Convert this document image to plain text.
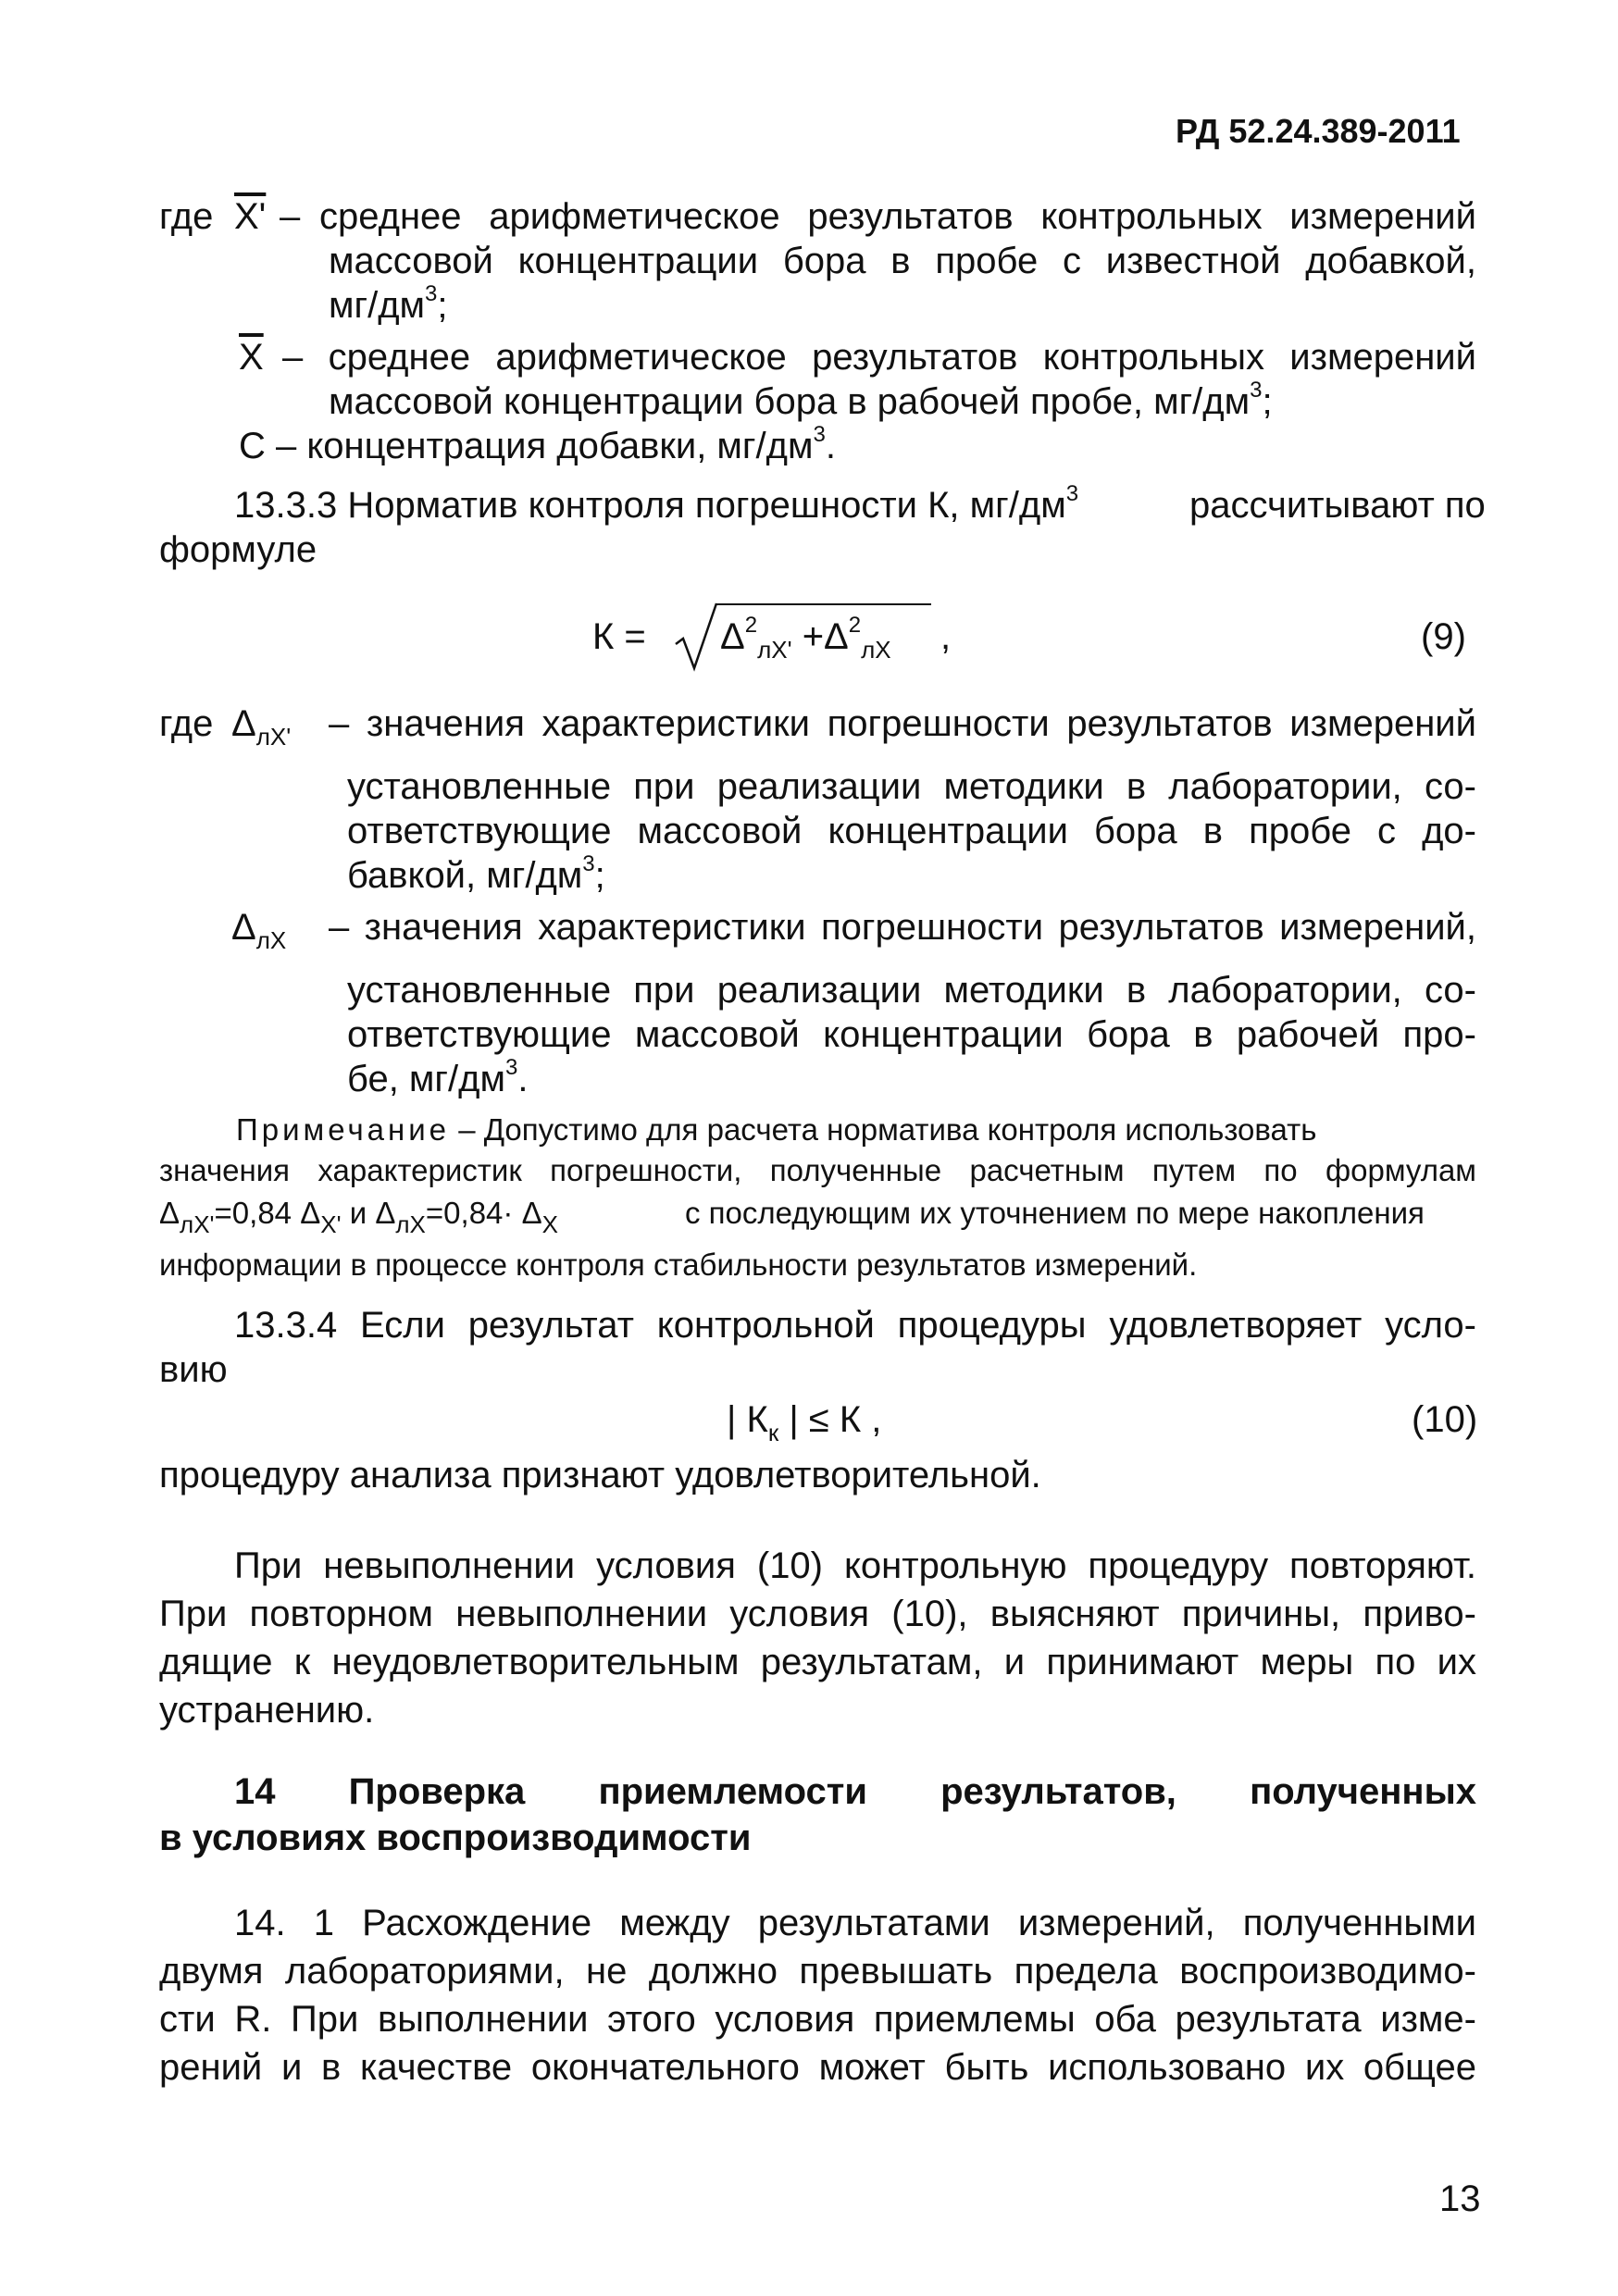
РД 52.24.389-2011
где X' – среднее арифметическое результатов контрольных измерений
массовой концентрации бора в пробе с известной добавкой,
$мг/дм^3$;
$\overline{X}$ – среднее арифметическое результатов контрольных измерений
массовой концентрации бора в рабочей пробе, $мг/дм^3$;
С – концентрация добавки, $мг/дм^3$.
13.3.3 Норматив контроля погрешности К, $мг/дм^3$	рассчитывают по
формуле
$К = \Delta^2_{лX'} +\Delta^2_{лX}$ ,	(9)
где $\Delta_{лX'}$ – значения характеристики погрешности результатов измерений
установленные при реализации методики в лаборатории, со-
ответствующие массовой концентрации бора в пробе с до-
бавкой, $мг/дм^3$;
$\Delta_{лX}$ – значения характеристики погрешности результатов измерений,
установленные при реализации методики в лаборатории, со-
ответствующие массовой концентрации бора в рабочей про-
бе, $мг/дм^3$.
Примечание – Допустимо для расчета норматива контроля использовать
значения характеристик погрешности, полученные расчетным путем по формулам
$\Delta_{лX'}=0,84$ $\Delta_{X'}$ и $\Delta_{лX}=0,84\cdot \Delta_X$	с последующим их уточнением по мере накопления
информации в процессе контроля стабильности результатов измерений.
13.3.4 Если результат контрольной процедуры удовлетворяет усло-
вию
| $К_к$ | ≤ К ,	(10)
процедуру анализа признают удовлетворительной.
При невыполнении условия (10) контрольную процедуру повторяют.
При повторном невыполнении условия (10), выясняют причины, приво-
дящие к неудовлетворительным результатам, и принимают меры по их
устранению.
14 Проверка приемлемости результатов, полученных
в условиях воспроизводимости
14. 1 Расхождение между результатами измерений, полученными
двумя лабораториями, не должно превышать предела воспроизводимо-
сти R. При выполнении этого условия приемлемы оба результата изме-
рений и в качестве окончательного может быть использовано их общее
13
